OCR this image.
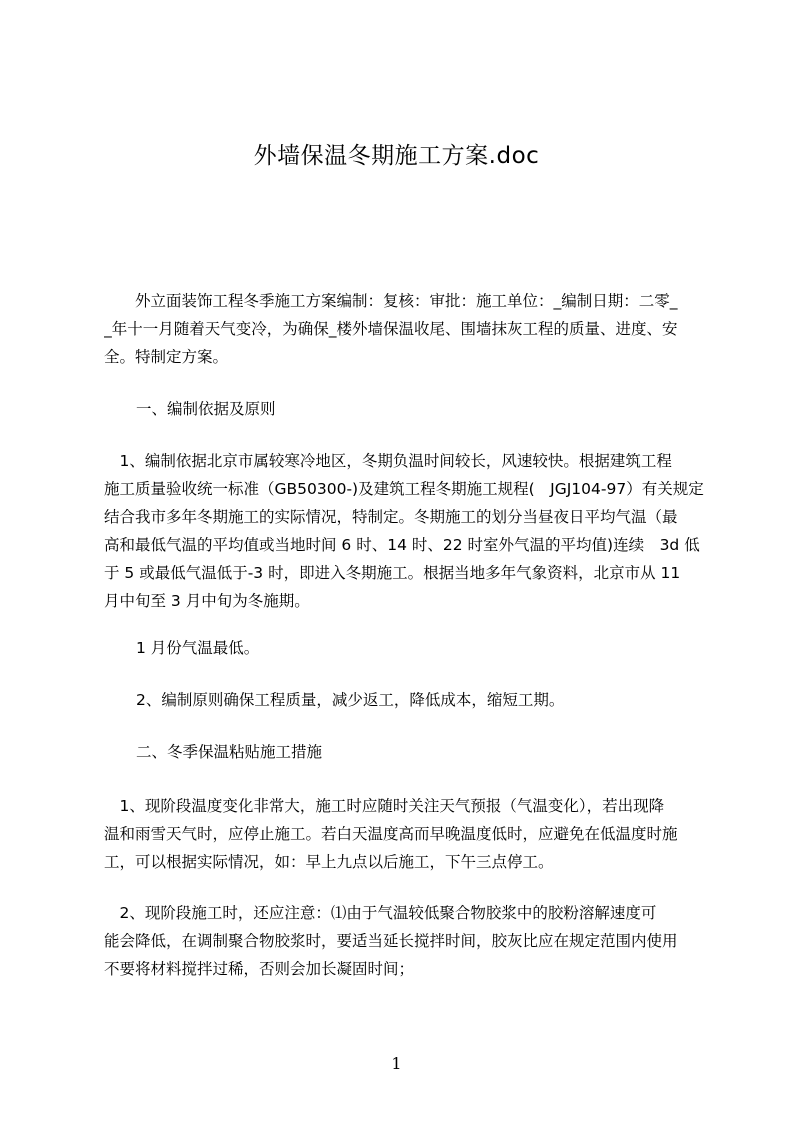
外墙保温冬期施工方案.doc
　　外立面装饰工程冬季施工方案编制：复核：审批：施工单位：_编制日期：二零_
_年十一月随着天气变冷，为确保_楼外墙保温收尾、围墙抹灰工程的质量、进度、安
全。特制定方案。
一、编制依据及原则
　1、编制依据北京市属较寒冷地区，冬期负温时间较长，风速较快。根据建筑工程
施工质量验收统一标准（GB50300-)及建筑工程冬期施工规程(　JGJ104-97）有关规定
结合我市多年冬期施工的实际情况，特制定。冬期施工的划分当昼夜日平均气温（最
高和最低气温的平均值或当地时间 6 时、14 时、22 时室外气温的平均值)连续　3d 低
于 5 或最低气温低于-3 时，即进入冬期施工。根据当地多年气象资料，北京市从 11
月中旬至 3 月中旬为冬施期。
1 月份气温最低。
2、编制原则确保工程质量，减少返工，降低成本，缩短工期。
二、冬季保温粘贴施工措施
　1、现阶段温度变化非常大，施工时应随时关注天气预报（气温变化），若出现降
温和雨雪天气时，应停止施工。若白天温度高而早晚温度低时，应避免在低温度时施
工，可以根据实际情况，如：早上九点以后施工，下午三点停工。
　2、现阶段施工时，还应注意：⑴由于气温较低聚合物胶浆中的胶粉溶解速度可
能会降低，在调制聚合物胶浆时，要适当延长搅拌时间，胶灰比应在规定范围内使用
不要将材料搅拌过稀，否则会加长凝固时间；
1
